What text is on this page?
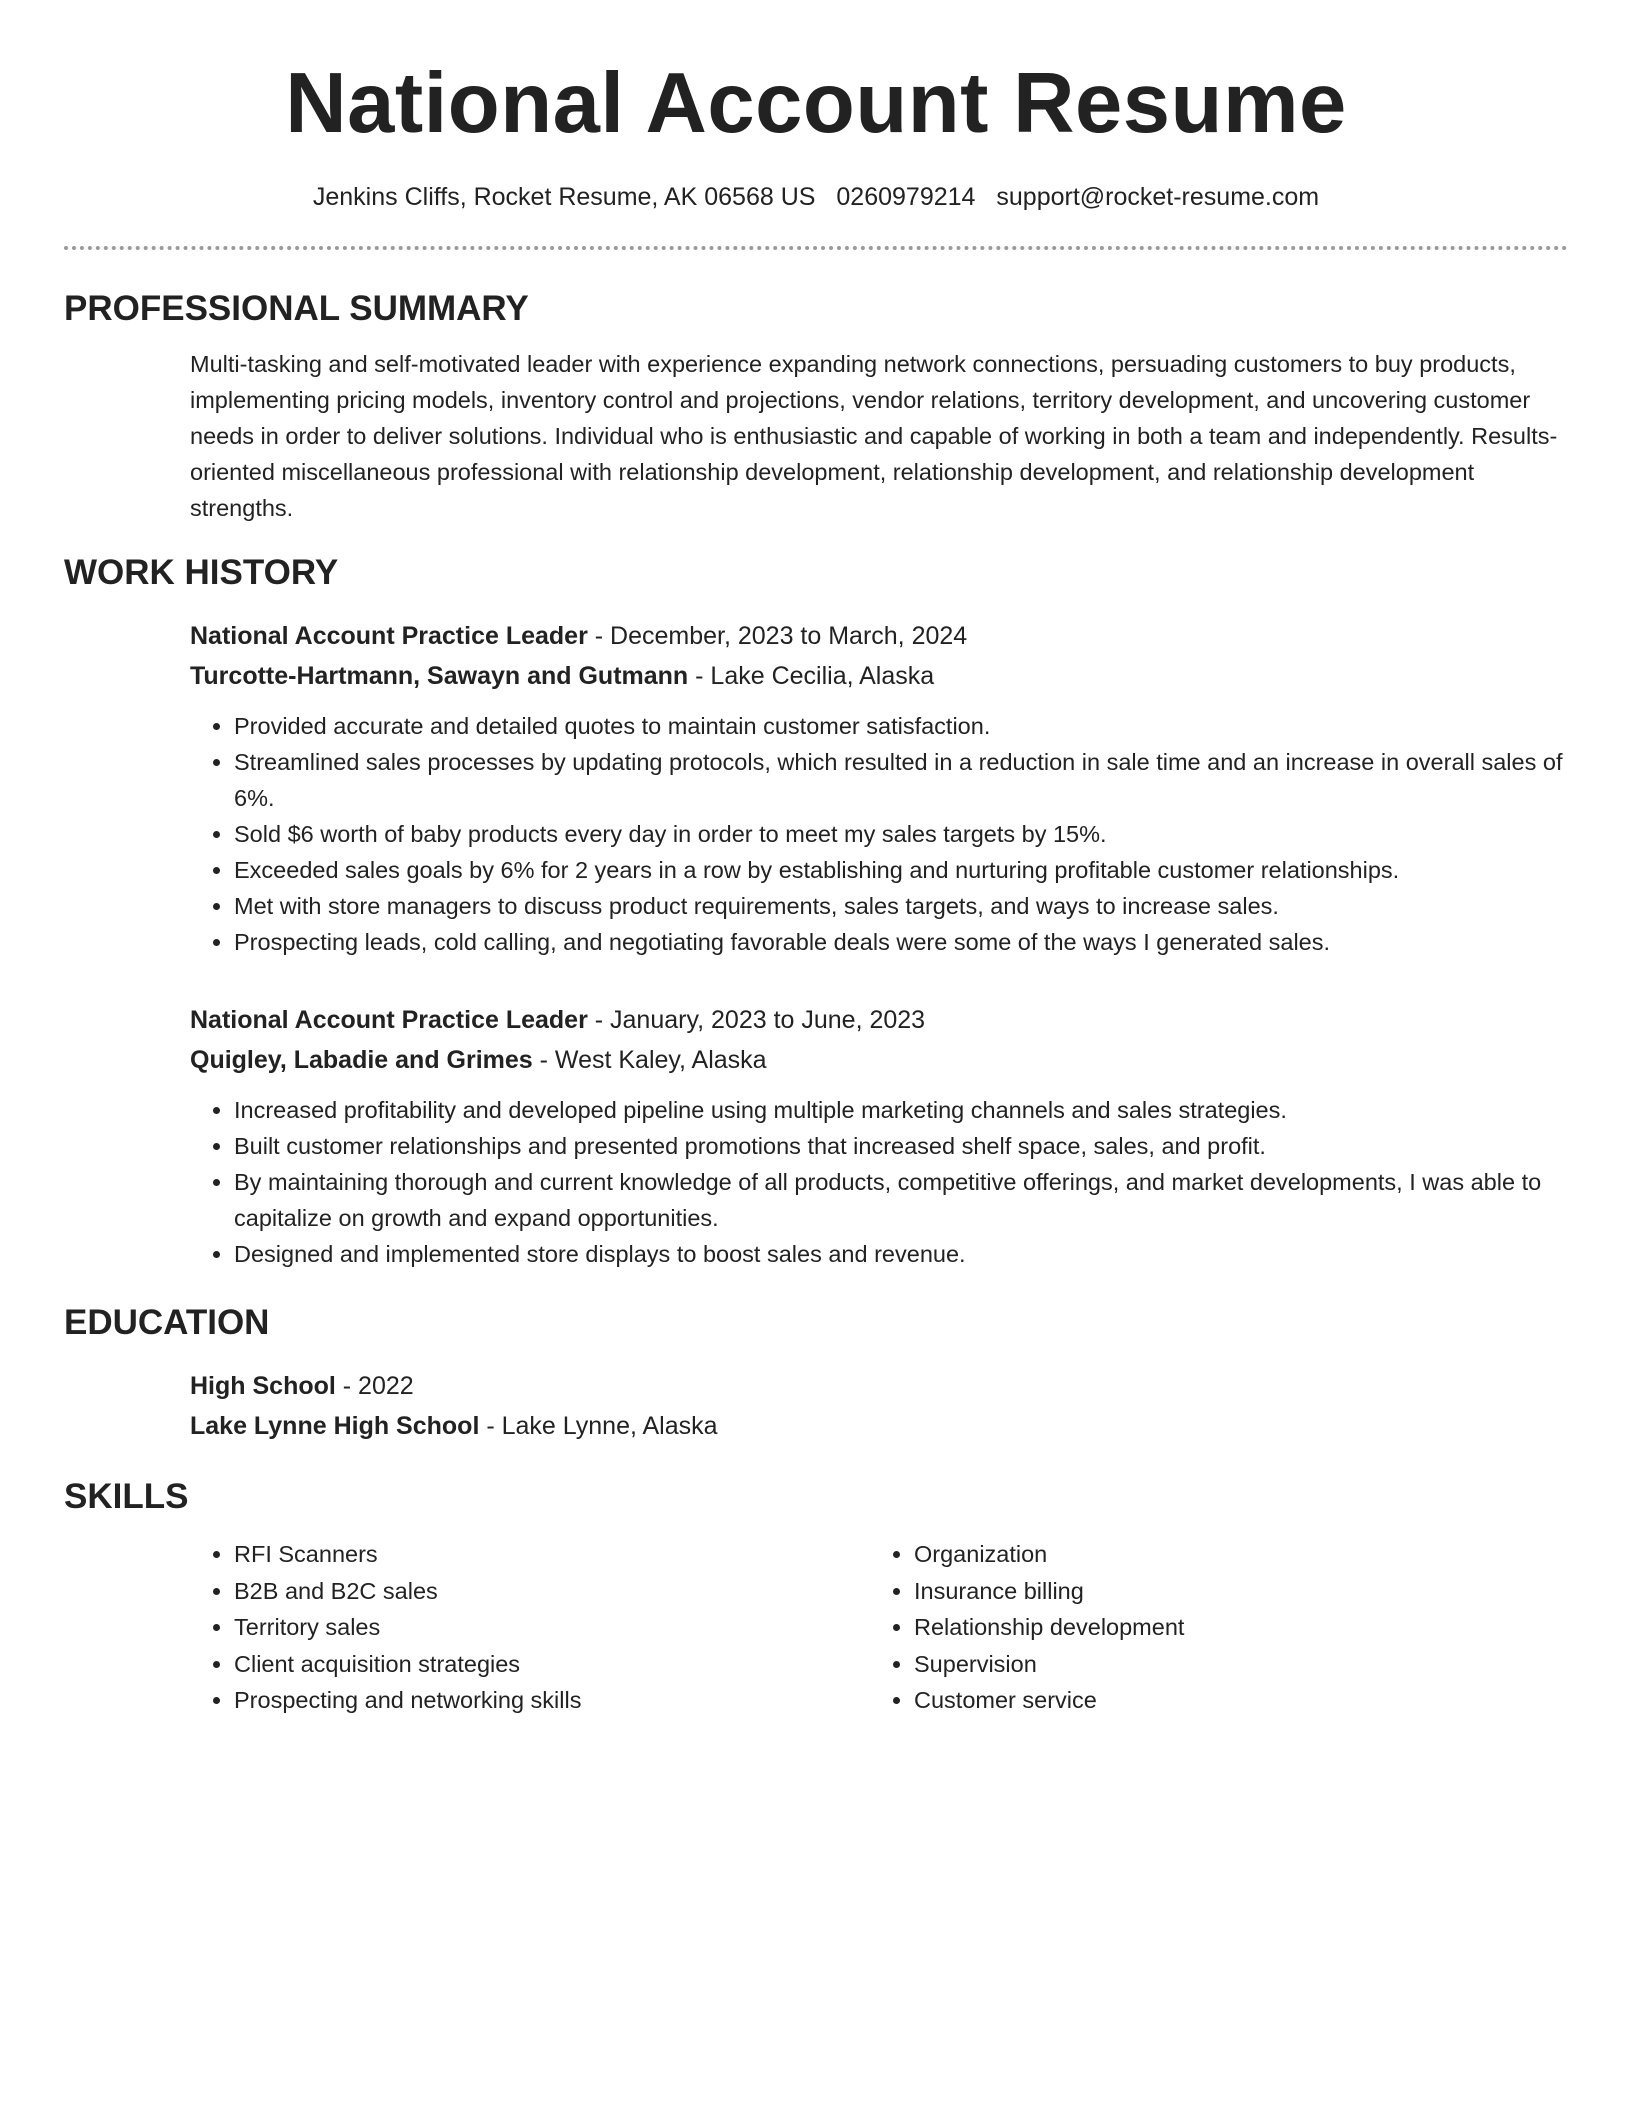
National Account Resume
Jenkins Cliffs, Rocket Resume, AK 06568 US 0260979214 support@rocket-resume.com
PROFESSIONAL SUMMARY
Multi-tasking and self-motivated leader with experience expanding network connections, persuading customers to buy products, implementing pricing models, inventory control and projections, vendor relations, territory development, and uncovering customer needs in order to deliver solutions. Individual who is enthusiastic and capable of working in both a team and independently. Results-oriented miscellaneous professional with relationship development, relationship development, and relationship development strengths.
WORK HISTORY
National Account Practice Leader - December, 2023 to March, 2024
Turcotte-Hartmann, Sawayn and Gutmann - Lake Cecilia, Alaska
• Provided accurate and detailed quotes to maintain customer satisfaction.
• Streamlined sales processes by updating protocols, which resulted in a reduction in sale time and an increase in overall sales of 6%.
• Sold $6 worth of baby products every day in order to meet my sales targets by 15%.
• Exceeded sales goals by 6% for 2 years in a row by establishing and nurturing profitable customer relationships.
• Met with store managers to discuss product requirements, sales targets, and ways to increase sales.
• Prospecting leads, cold calling, and negotiating favorable deals were some of the ways I generated sales.
National Account Practice Leader - January, 2023 to June, 2023
Quigley, Labadie and Grimes - West Kaley, Alaska
• Increased profitability and developed pipeline using multiple marketing channels and sales strategies.
• Built customer relationships and presented promotions that increased shelf space, sales, and profit.
• By maintaining thorough and current knowledge of all products, competitive offerings, and market developments, I was able to capitalize on growth and expand opportunities.
• Designed and implemented store displays to boost sales and revenue.
EDUCATION
High School - 2022
Lake Lynne High School - Lake Lynne, Alaska
SKILLS
• RFI Scanners
• B2B and B2C sales
• Territory sales
• Client acquisition strategies
• Prospecting and networking skills
• Organization
• Insurance billing
• Relationship development
• Supervision
• Customer service
